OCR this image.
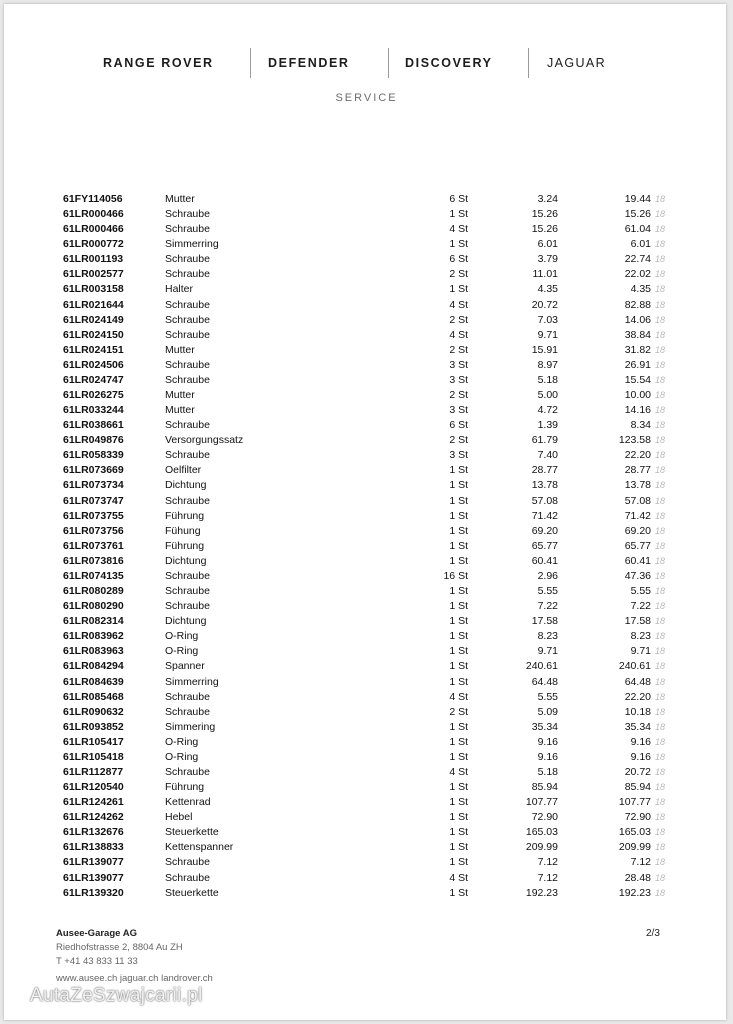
RANGE ROVER	DEFENDER	DISCOVERY	JAGUAR
SERVICE
61FY114056	Mutter	6 St	3.24	19.44 18
61LR000466	Schraube	1 St	15.26	15.26 18
61LR000466	Schraube	4 St	15.26	61.04 18
61LR000772	Simmerring	1 St	6.01	6.01 18
61LR001193	Schraube	6 St	3.79	22.74 18
61LR002577	Schraube	2 St	11.01	22.02 18
61LR003158	Halter	1 St	4.35	4.35 18
61LR021644	Schraube	4 St	20.72	82.88 18
61LR024149	Schraube	2 St	7.03	14.06 18
61LR024150	Schraube	4 St	9.71	38.84 18
61LR024151	Mutter	2 St	15.91	31.82 18
61LR024506	Schraube	3 St	8.97	26.91 18
61LR024747	Schraube	3 St	5.18	15.54 18
61LR026275	Mutter	2 St	5.00	10.00 18
61LR033244	Mutter	3 St	4.72	14.16 18
61LR038661	Schraube	6 St	1.39	8.34 18
61LR049876	Versorgungssatz	2 St	61.79	123.58 18
61LR058339	Schraube	3 St	7.40	22.20 18
61LR073669	Oelfilter	1 St	28.77	28.77 18
61LR073734	Dichtung	1 St	13.78	13.78 18
61LR073747	Schraube	1 St	57.08	57.08 18
61LR073755	Führung	1 St	71.42	71.42 18
61LR073756	Fühung	1 St	69.20	69.20 18
61LR073761	Führung	1 St	65.77	65.77 18
61LR073816	Dichtung	1 St	60.41	60.41 18
61LR074135	Schraube	16 St	2.96	47.36 18
61LR080289	Schraube	1 St	5.55	5.55 18
61LR080290	Schraube	1 St	7.22	7.22 18
61LR082314	Dichtung	1 St	17.58	17.58 18
61LR083962	O-Ring	1 St	8.23	8.23 18
61LR083963	O-Ring	1 St	9.71	9.71 18
61LR084294	Spanner	1 St	240.61	240.61 18
61LR084639	Simmerring	1 St	64.48	64.48 18
61LR085468	Schraube	4 St	5.55	22.20 18
61LR090632	Schraube	2 St	5.09	10.18 18
61LR093852	Simmering	1 St	35.34	35.34 18
61LR105417	O-Ring	1 St	9.16	9.16 18
61LR105418	O-Ring	1 St	9.16	9.16 18
61LR112877	Schraube	4 St	5.18	20.72 18
61LR120540	Führung	1 St	85.94	85.94 18
61LR124261	Kettenrad	1 St	107.77	107.77 18
61LR124262	Hebel	1 St	72.90	72.90 18
61LR132676	Steuerkette	1 St	165.03	165.03 18
61LR138833	Kettenspanner	1 St	209.99	209.99 18
61LR139077	Schraube	1 St	7.12	7.12 18
61LR139077	Schraube	4 St	7.12	28.48 18
61LR139320	Steuerkette	1 St	192.23	192.23 18
Ausee-Garage AG
Riedhofstrasse 2, 8804 Au ZH
T +41 43 833 11 33
www.ausee.ch jaguar.ch landrover.ch
2/3
AutaZeSzwajcarii.pl
